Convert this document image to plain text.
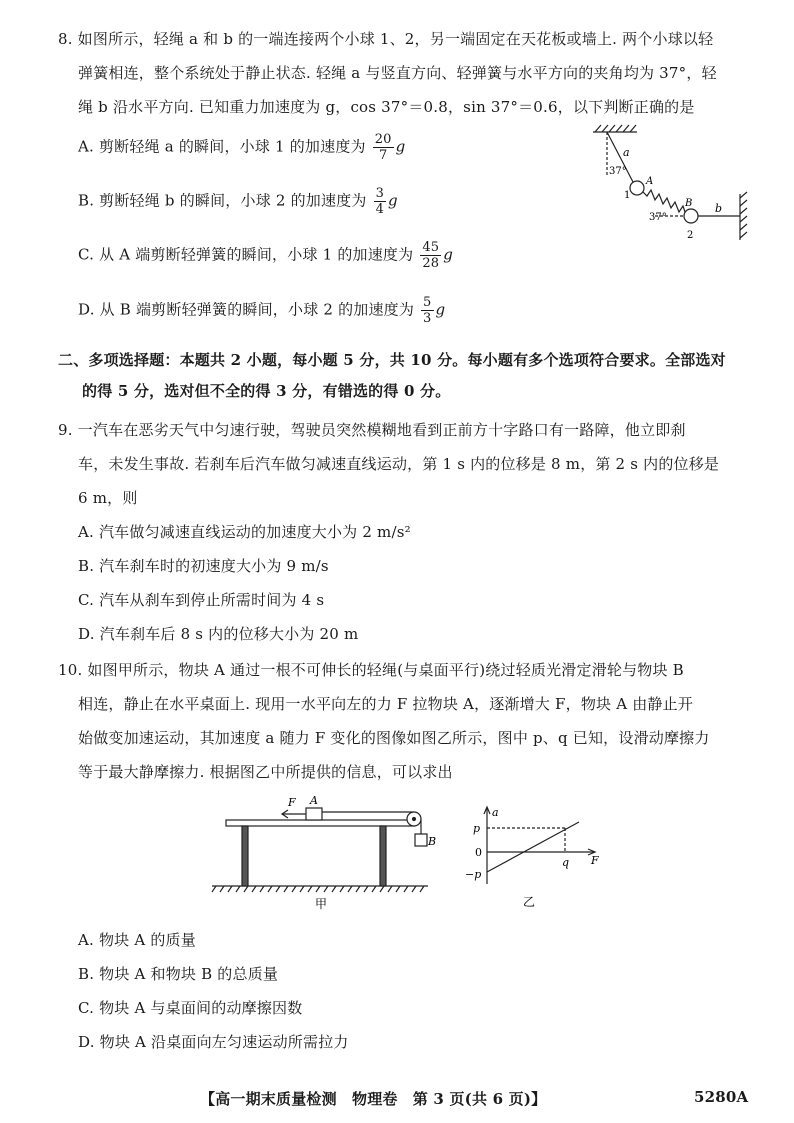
8. 如图所示，轻绳 a 和 b 的一端连接两个小球 1、2，另一端固定在天花板或墙上. 两个小球以轻
弹簧相连，整个系统处于静止状态. 轻绳 a 与竖直方向、轻弹簧与水平方向的夹角均为 37°，轻
绳 b 沿水平方向. 已知重力加速度为 g，cos 37°＝0.8，sin 37°＝0.6，以下判断正确的是
A. 剪断轻绳 a 的瞬间，小球 1 的加速度为 $\frac{20}{7}$ g
B. 剪断轻绳 b 的瞬间，小球 2 的加速度为 $\frac{3}{4}$ g
C. 从 A 端剪断轻弹簧的瞬间，小球 1 的加速度为 $\frac{45}{28}$ g
D. 从 B 端剪断轻弹簧的瞬间，小球 2 的加速度为 $\frac{5}{3}$ g
37°
a
A
1
37°
B
2
b
二、多项选择题：本题共 2 小题，每小题 5 分，共 10 分。每小题有多个选项符合要求。全部选对
的得 5 分，选对但不全的得 3 分，有错选的得 0 分。
9. 一汽车在恶劣天气中匀速行驶，驾驶员突然模糊地看到正前方十字路口有一路障，他立即刹
车，未发生事故. 若刹车后汽车做匀减速直线运动，第 1 s 内的位移是 8 m，第 2 s 内的位移是
6 m，则
A. 汽车做匀减速直线运动的加速度大小为 2 m/s²
B. 汽车刹车时的初速度大小为 9 m/s
C. 汽车从刹车到停止所需时间为 4 s
D. 汽车刹车后 8 s 内的位移大小为 20 m
10. 如图甲所示，物块 A 通过一根不可伸长的轻绳(与桌面平行)绕过轻质光滑定滑轮与物块 B
相连，静止在水平桌面上. 现用一水平向左的力 F 拉物块 A，逐渐增大 F，物块 A 由静止开
始做变加速运动，其加速度 a 随力 F 变化的图像如图乙所示，图中 p、q 已知，设滑动摩擦力
等于最大静摩擦力. 根据图乙中所提供的信息，可以求出
F A
B
甲
a
p
0
−p
q F
乙
A. 物块 A 的质量
B. 物块 A 和物块 B 的总质量
C. 物块 A 与桌面间的动摩擦因数
D. 物块 A 沿桌面向左匀速运动所需拉力
【高一期末质量检测　物理卷　第 3 页(共 6 页)】	5280A
